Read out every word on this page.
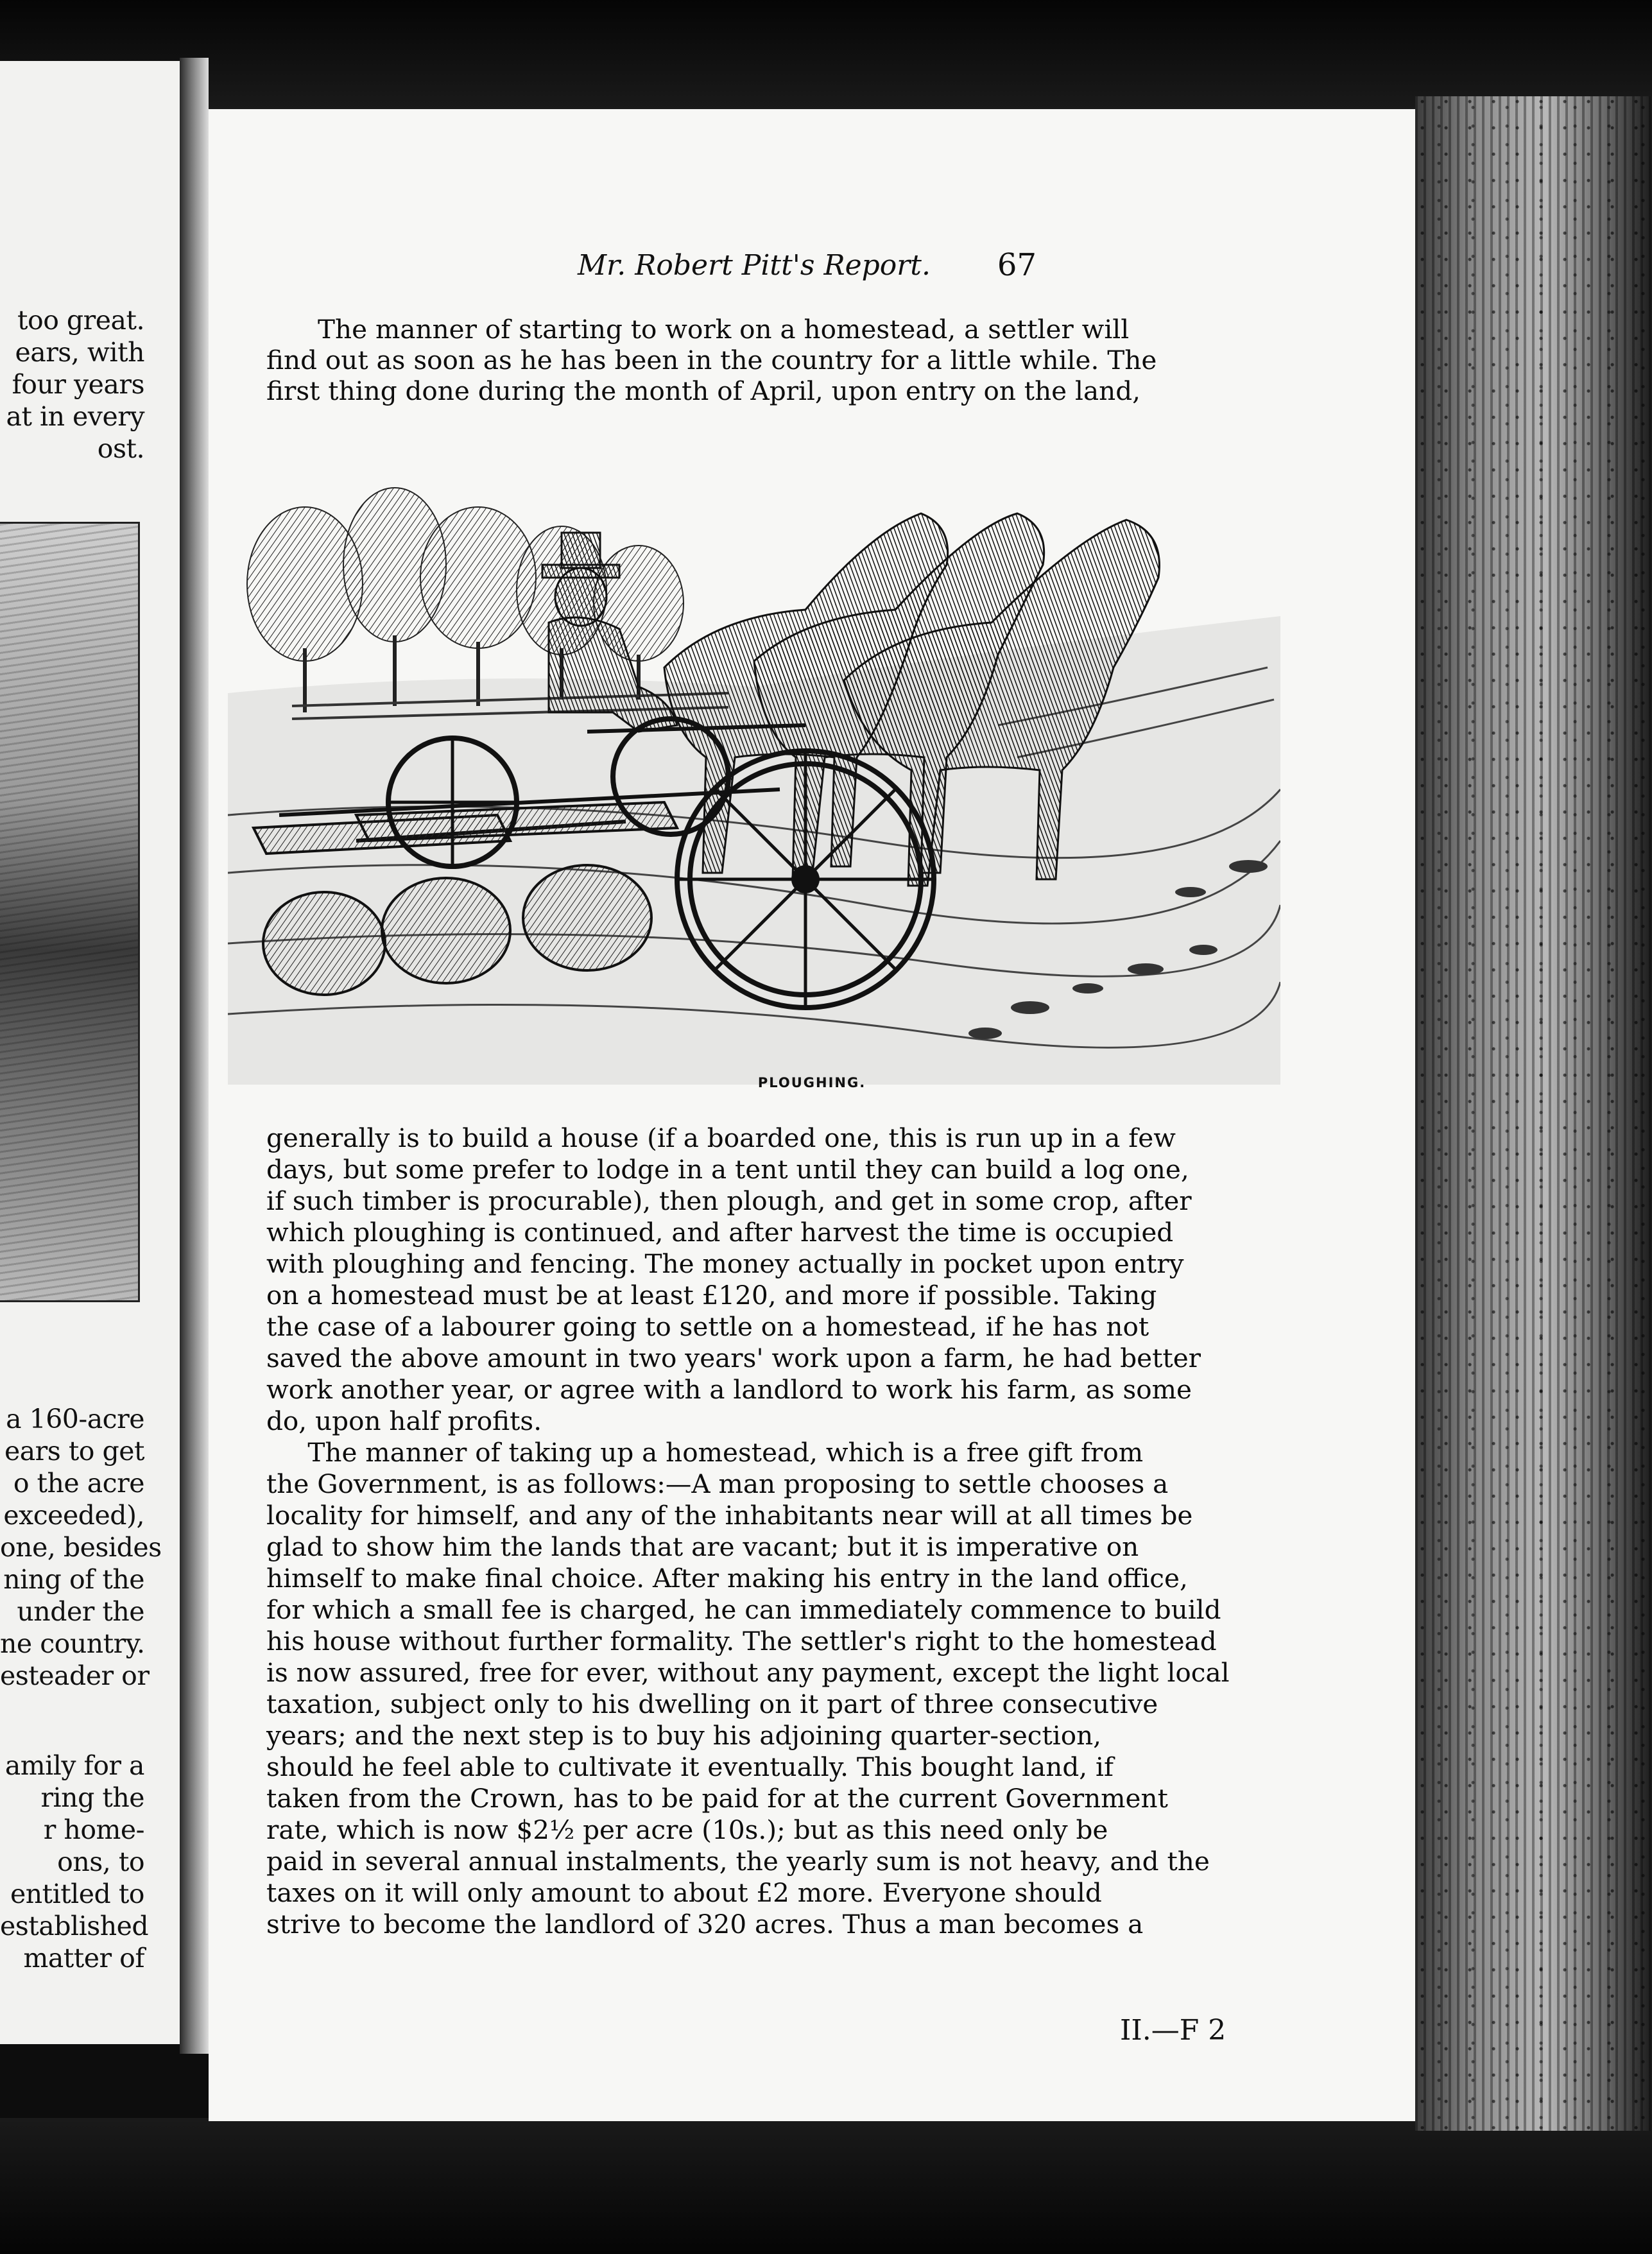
too great.
ears, with
four years
at in every
ost.
a 160-acre
ears to get
o the acre
exceeded),
one, besides
ning of the
under the
ne country.
esteader or
amily for a
ring the
r home-
ons, to
entitled to
established
matter of
Mr. Robert Pitt's Report.	67
The manner of starting to work on a homestead, a settler will
find out as soon as he has been in the country for a little while. The
first thing done during the month of April, upon entry on the land,
PLOUGHING.
generally is to build a house (if a boarded one, this is run up in a few
days, but some prefer to lodge in a tent until they can build a log one,
if such timber is procurable), then plough, and get in some crop, after
which ploughing is continued, and after harvest the time is occupied
with ploughing and fencing. The money actually in pocket upon entry
on a homestead must be at least £120, and more if possible. Taking
the case of a labourer going to settle on a homestead, if he has not
saved the above amount in two years' work upon a farm, he had better
work another year, or agree with a landlord to work his farm, as some
do, upon half profits.
The manner of taking up a homestead, which is a free gift from
the Government, is as follows:—A man proposing to settle chooses a
locality for himself, and any of the inhabitants near will at all times be
glad to show him the lands that are vacant; but it is imperative on
himself to make final choice. After making his entry in the land office,
for which a small fee is charged, he can immediately commence to build
his house without further formality. The settler's right to the homestead
is now assured, free for ever, without any payment, except the light local
taxation, subject only to his dwelling on it part of three consecutive
years; and the next step is to buy his adjoining quarter-section,
should he feel able to cultivate it eventually. This bought land, if
taken from the Crown, has to be paid for at the current Government
rate, which is now $2½ per acre (10s.); but as this need only be
paid in several annual instalments, the yearly sum is not heavy, and the
taxes on it will only amount to about £2 more. Everyone should
strive to become the landlord of 320 acres. Thus a man becomes a
II.—F 2
